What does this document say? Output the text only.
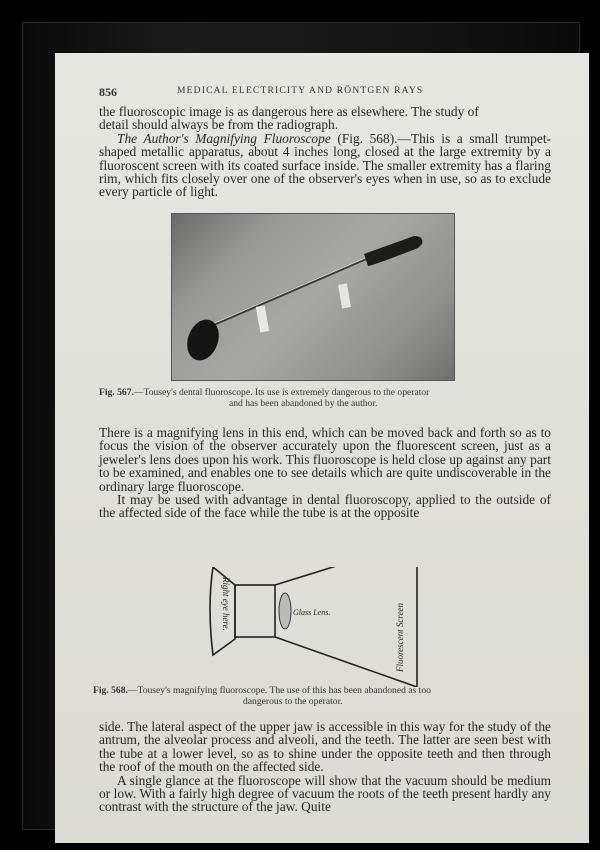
856	MEDICAL ELECTRICITY AND RÖNTGEN RAYS

the fluoroscopic image is as dangerous here as elsewhere. The study of

detail should always be from the radiograph.

The Author's Magnifying Fluoroscope (Fig. 568).—This is a small trumpet-shaped metallic apparatus, about 4 inches long, closed at the large extremity by a fluoroscent screen with its coated surface inside. The smaller extremity has a flaring rim, which fits closely over one of the observer's eyes when in use, so as to exclude every particle of light.

Fig. 567.—Tousey's dental fluoroscope. Its use is extremely dangerous to the operator
and has been abandoned by the author.

There is a magnifying lens in this end, which can be moved back and forth so as to focus the vision of the observer accurately upon the fluorescent screen, just as a jeweler's lens does upon his work. This fluoroscope is held close up against any part to be examined, and enables one to see details which are quite undiscoverable in the ordinary large fluoroscope.

It may be used with advantage in dental fluoroscopy, applied to the outside of the affected side of the face while the tube is at the opposite

Right eye here.	Glass Lens.	Fluorescent Screen
Fig. 568.—Tousey's magnifying fluoroscope. The use of this has been abandoned as too
dangerous to the operator.

side. The lateral aspect of the upper jaw is accessible in this way for the study of the antrum, the alveolar process and alveoli, and the teeth. The latter are seen best with the tube at a lower level, so as to shine under the opposite teeth and then through the roof of the mouth on the affected side.

A single glance at the fluoroscope will show that the vacuum should be medium or low. With a fairly high degree of vacuum the roots of the teeth present hardly any contrast with the structure of the jaw. Quite
